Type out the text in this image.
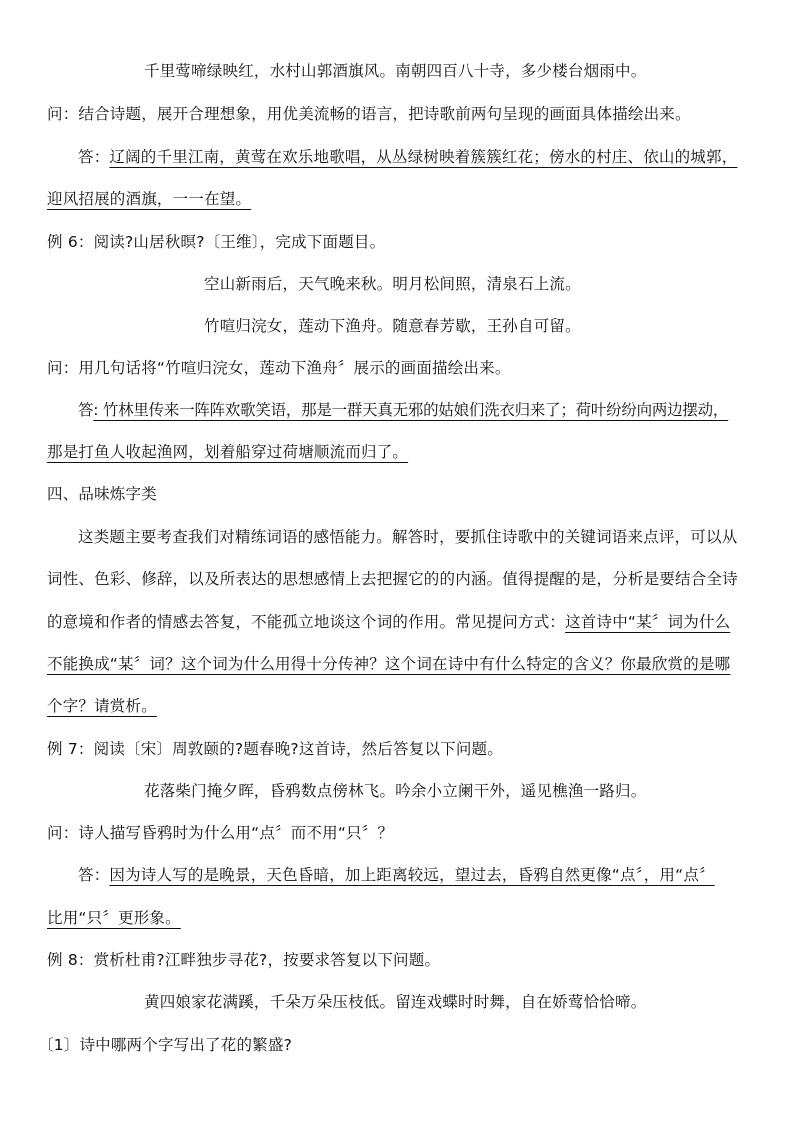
千里莺啼绿映红，水村山郭酒旗风。南朝四百八十寺，多少楼台烟雨中。
问：结合诗题，展开合理想象，用优美流畅的语言，把诗歌前两句呈现的画面具体描绘出来。
答：辽阔的千里江南，黄莺在欢乐地歌唱，从丛绿树映着簇簇红花；傍水的村庄、依山的城郭，
迎风招展的酒旗，一一在望。
例 6：阅读?山居秋暝?〔王维〕，完成下面题目。
空山新雨后，天气晚来秋。明月松间照，清泉石上流。
竹喧归浣女，莲动下渔舟。随意春芳歇，王孙自可留。
问：用几句话将“竹喧归浣女，莲动下渔舟〞展示的画面描绘出来。
答: 竹林里传来一阵阵欢歌笑语，那是一群天真无邪的姑娘们洗衣归来了；荷叶纷纷向两边摆动，
那是打鱼人收起渔网，划着船穿过荷塘顺流而归了。
四、品味炼字类
这类题主要考查我们对精练词语的感悟能力。解答时，要抓住诗歌中的关键词语来点评，可以从
词性、色彩、修辞，以及所表达的思想感情上去把握它的的内涵。值得提醒的是，分析是要结合全诗
的意境和作者的情感去答复，不能孤立地谈这个词的作用。常见提问方式：这首诗中“某〞词为什么
不能换成“某〞词？这个词为什么用得十分传神？这个词在诗中有什么特定的含义？你最欣赏的是哪
个字？请赏析。
例 7：阅读〔宋〕周敦颐的?题春晚?这首诗，然后答复以下问题。
花落柴门掩夕晖，昏鸦数点傍林飞。吟余小立阑干外，遥见樵渔一路归。
问：诗人描写昏鸦时为什么用“点〞而不用“只〞？
答：因为诗人写的是晚景，天色昏暗，加上距离较远，望过去，昏鸦自然更像“点〞，用“点〞
比用“只〞更形象。
例 8：赏析杜甫?江畔独步寻花?，按要求答复以下问题。
黄四娘家花满蹊，千朵万朵压枝低。留连戏蝶时时舞，自在娇莺恰恰啼。
〔1〕诗中哪两个字写出了花的繁盛?
